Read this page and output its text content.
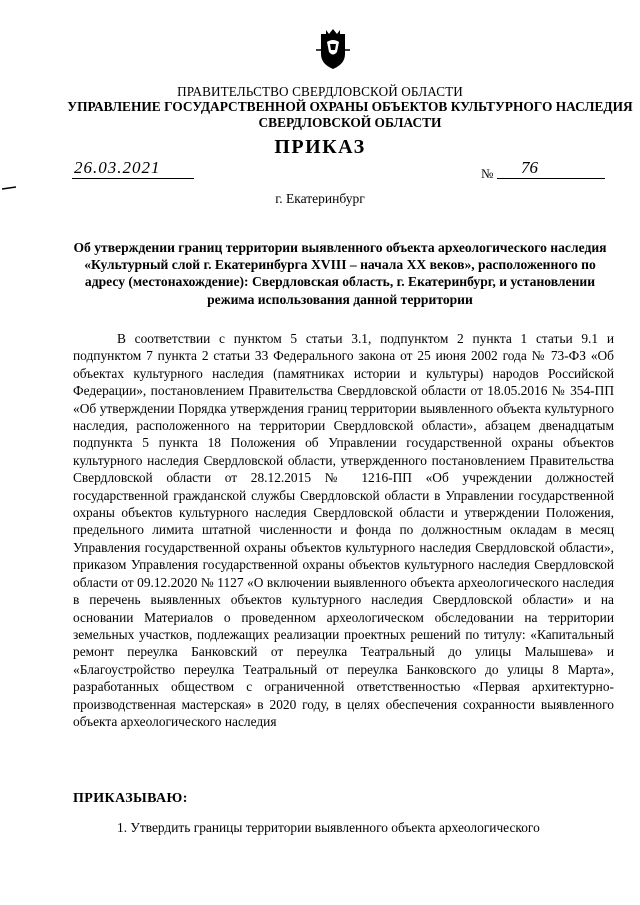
ПРАВИТЕЛЬСТВО СВЕРДЛОВСКОЙ ОБЛАСТИ
УПРАВЛЕНИЕ ГОСУДАРСТВЕННОЙ ОХРАНЫ ОБЪЕКТОВ КУЛЬТУРНОГО НАСЛЕДИЯ СВЕРДЛОВСКОЙ ОБЛАСТИ
ПРИКАЗ
26.03.2021	№ 76
г. Екатеринбург
Об утверждении границ территории выявленного объекта археологического наследия «Культурный слой г. Екатеринбурга XVIII – начала XX веков», расположенного по адресу (местонахождение): Свердловская область, г. Екатеринбург, и установлении режима использования данной территории

В соответствии с пунктом 5 статьи 3.1, подпунктом 2 пункта 1 статьи 9.1 и подпунктом 7 пункта 2 статьи 33 Федерального закона от 25 июня 2002 года № 73-ФЗ «Об объектах культурного наследия (памятниках истории и культуры) народов Российской Федерации», постановлением Правительства Свердловской области от 18.05.2016 № 354-ПП «Об утверждении Порядка утверждения границ территории выявленного объекта культурного наследия, расположенного на территории Свердловской области», абзацем двенадцатым подпункта 5 пункта 18 Положения об Управлении государственной охраны объектов культурного наследия Свердловской области, утвержденного постановлением Правительства Свердловской области от 28.12.2015 № 1216-ПП «Об учреждении должностей государственной гражданской службы Свердловской области в Управлении государственной охраны объектов культурного наследия Свердловской области и утверждении Положения, предельного лимита штатной численности и фонда по должностным окладам в месяц Управления государственной охраны объектов культурного наследия Свердловской области», приказом Управления государственной охраны объектов культурного наследия Свердловской области от 09.12.2020 № 1127 «О включении выявленного объекта археологического наследия в перечень выявленных объектов культурного наследия Свердловской области» и на основании Материалов о проведенном археологическом обследовании на территории земельных участков, подлежащих реализации проектных решений по титулу: «Капитальный ремонт переулка Банковский от переулка Театральный до улицы Малышева» и «Благоустройство переулка Театральный от переулка Банковского до улицы 8 Марта», разработанных обществом с ограниченной ответственностью «Первая архитектурно-производственная мастерская» в 2020 году, в целях обеспечения сохранности выявленного объекта археологического наследия

ПРИКАЗЫВАЮ:

1. Утвердить границы территории выявленного объекта археологического
